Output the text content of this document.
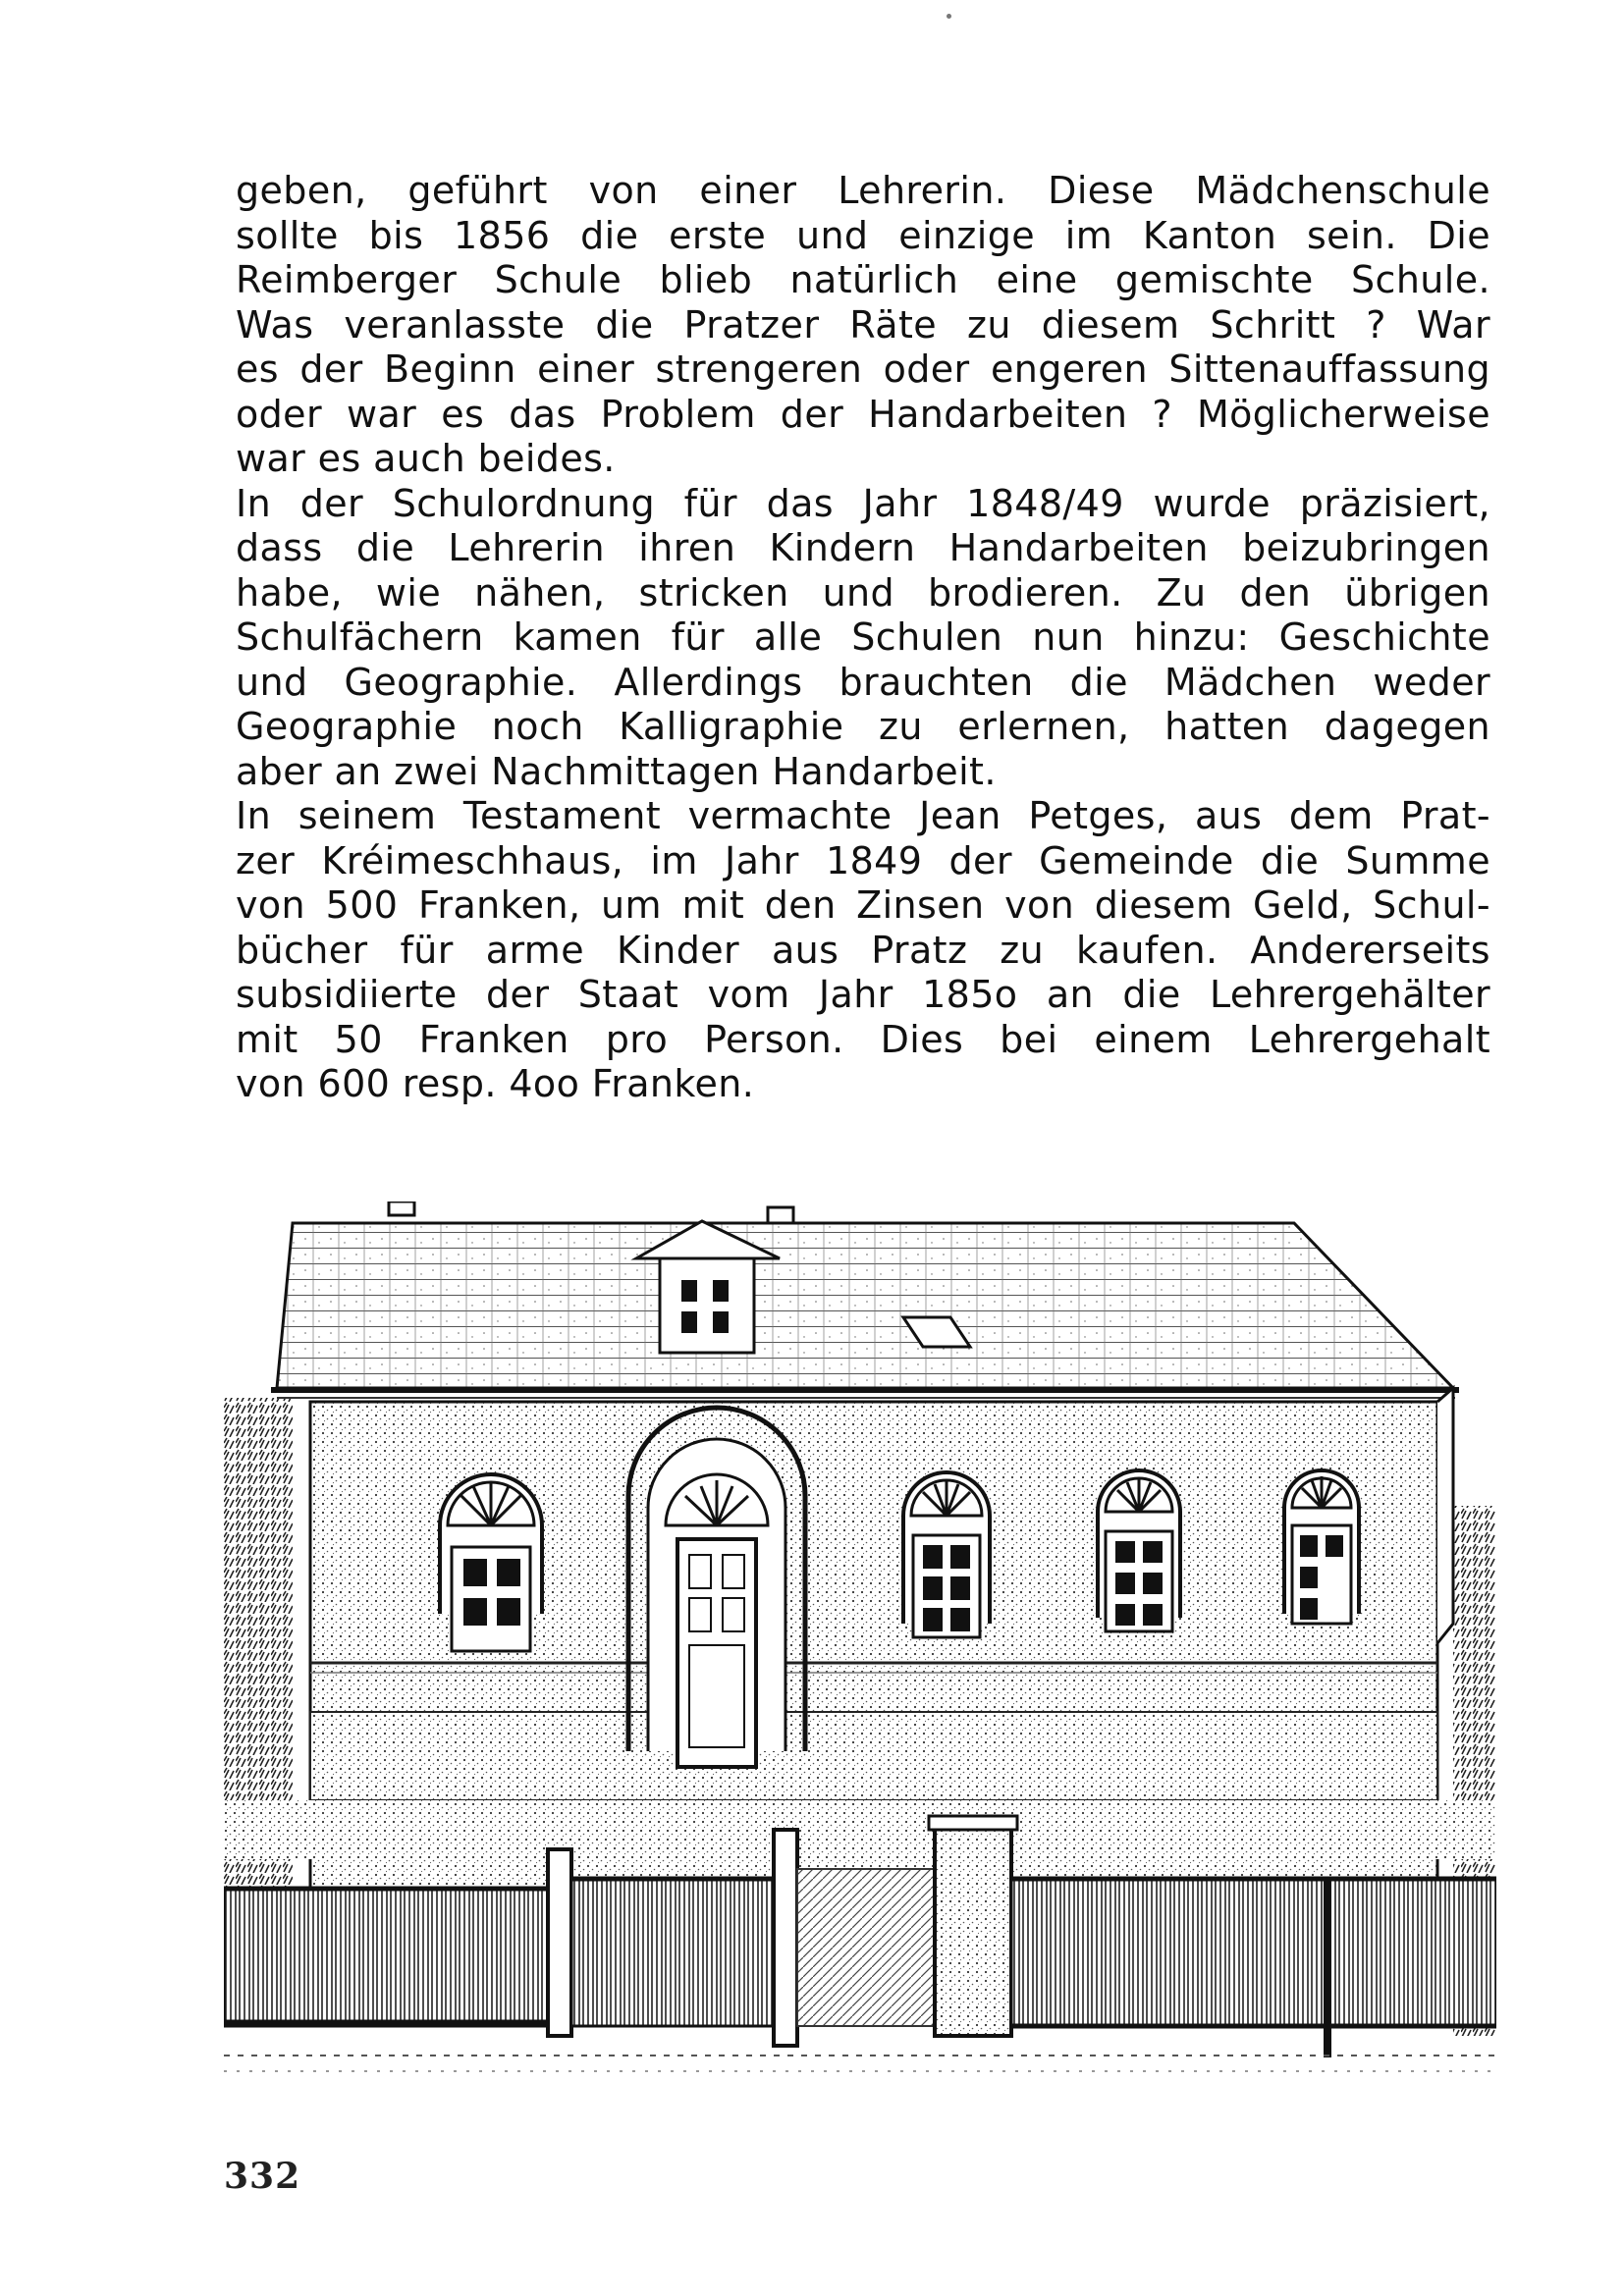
geben, geführt von einer Lehrerin. Diese Mädchenschule
sollte bis 1856 die erste und einzige im Kanton sein. Die
Reimberger Schule blieb natürlich eine gemischte Schule.
Was veranlasste die Pratzer Räte zu diesem Schritt ? War
es der Beginn einer strengeren oder engeren Sittenauffassung
oder war es das Problem der Handarbeiten ? Möglicherweise
war es auch beides.
In der Schulordnung für das Jahr 1848/49 wurde präzisiert,
dass die Lehrerin ihren Kindern Handarbeiten beizubringen
habe, wie nähen, stricken und brodieren. Zu den übrigen
Schulfächern kamen für alle Schulen nun hinzu: Geschichte
und Geographie. Allerdings brauchten die Mädchen weder
Geographie noch Kalligraphie zu erlernen, hatten dagegen
aber an zwei Nachmittagen Handarbeit.
In seinem Testament vermachte Jean Petges, aus dem Prat-
zer Kréimeschhaus, im Jahr 1849 der Gemeinde die Summe
von 500 Franken, um mit den Zinsen von diesem Geld, Schul-
bücher für arme Kinder aus Pratz zu kaufen. Andererseits
subsidiierte der Staat vom Jahr 185o an die Lehrergehälter
mit 50 Franken pro Person. Dies bei einem Lehrergehalt
von 600 resp. 4oo Franken.
332
